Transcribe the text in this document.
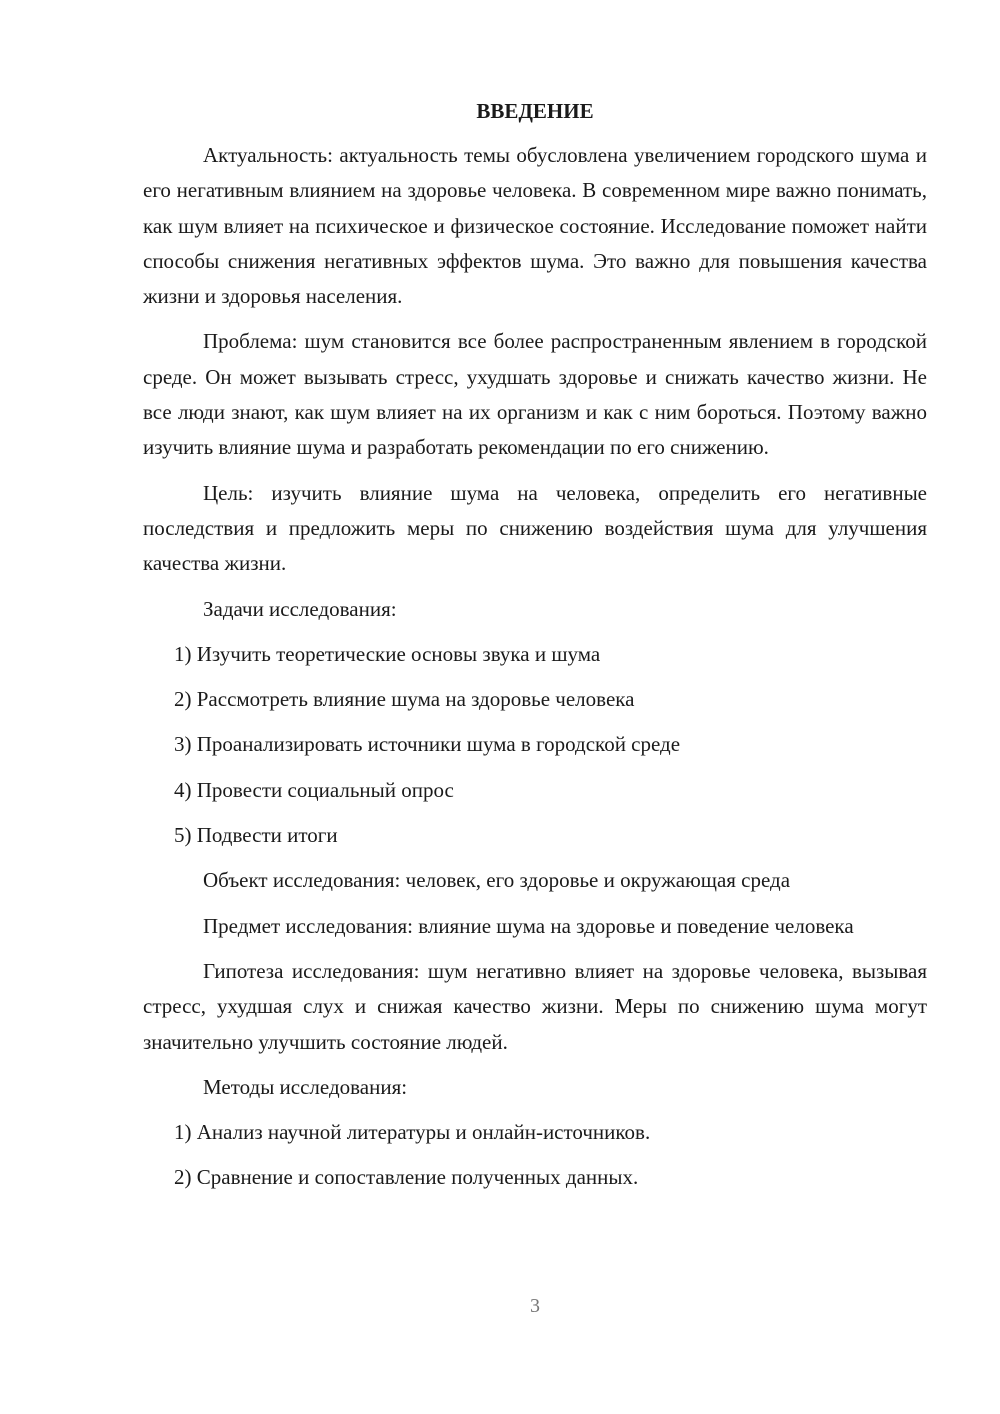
ВВЕДЕНИЕ

Актуальность: актуальность темы обусловлена увеличением городского шума и его негативным влиянием на здоровье человека. В современном мире важно понимать, как шум влияет на психическое и физическое состояние. Исследование поможет найти способы снижения негативных эффектов шума. Это важно для повышения качества жизни и здоровья населения.

Проблема: шум становится все более распространенным явлением в городской среде. Он может вызывать стресс, ухудшать здоровье и снижать качество жизни. Не все люди знают, как шум влияет на их организм и как с ним бороться. Поэтому важно изучить влияние шума и разработать рекомендации по его снижению.

Цель: изучить влияние шума на человека, определить его негативные последствия и предложить меры по снижению воздействия шума для улучшения качества жизни.

Задачи исследования:

1) Изучить теоретические основы звука и шума
2) Рассмотреть влияние шума на здоровье человека
3) Проанализировать источники шума в городской среде
4) Провести социальный опрос
5) Подвести итоги

Объект исследования: человек, его здоровье и окружающая среда

Предмет исследования: влияние шума на здоровье и поведение человека

Гипотеза исследования: шум негативно влияет на здоровье человека, вызывая стресс, ухудшая слух и снижая качество жизни. Меры по снижению шума могут значительно улучшить состояние людей.

Методы исследования:

1) Анализ научной литературы и онлайн-источников.
2) Сравнение и сопоставление полученных данных.
3
